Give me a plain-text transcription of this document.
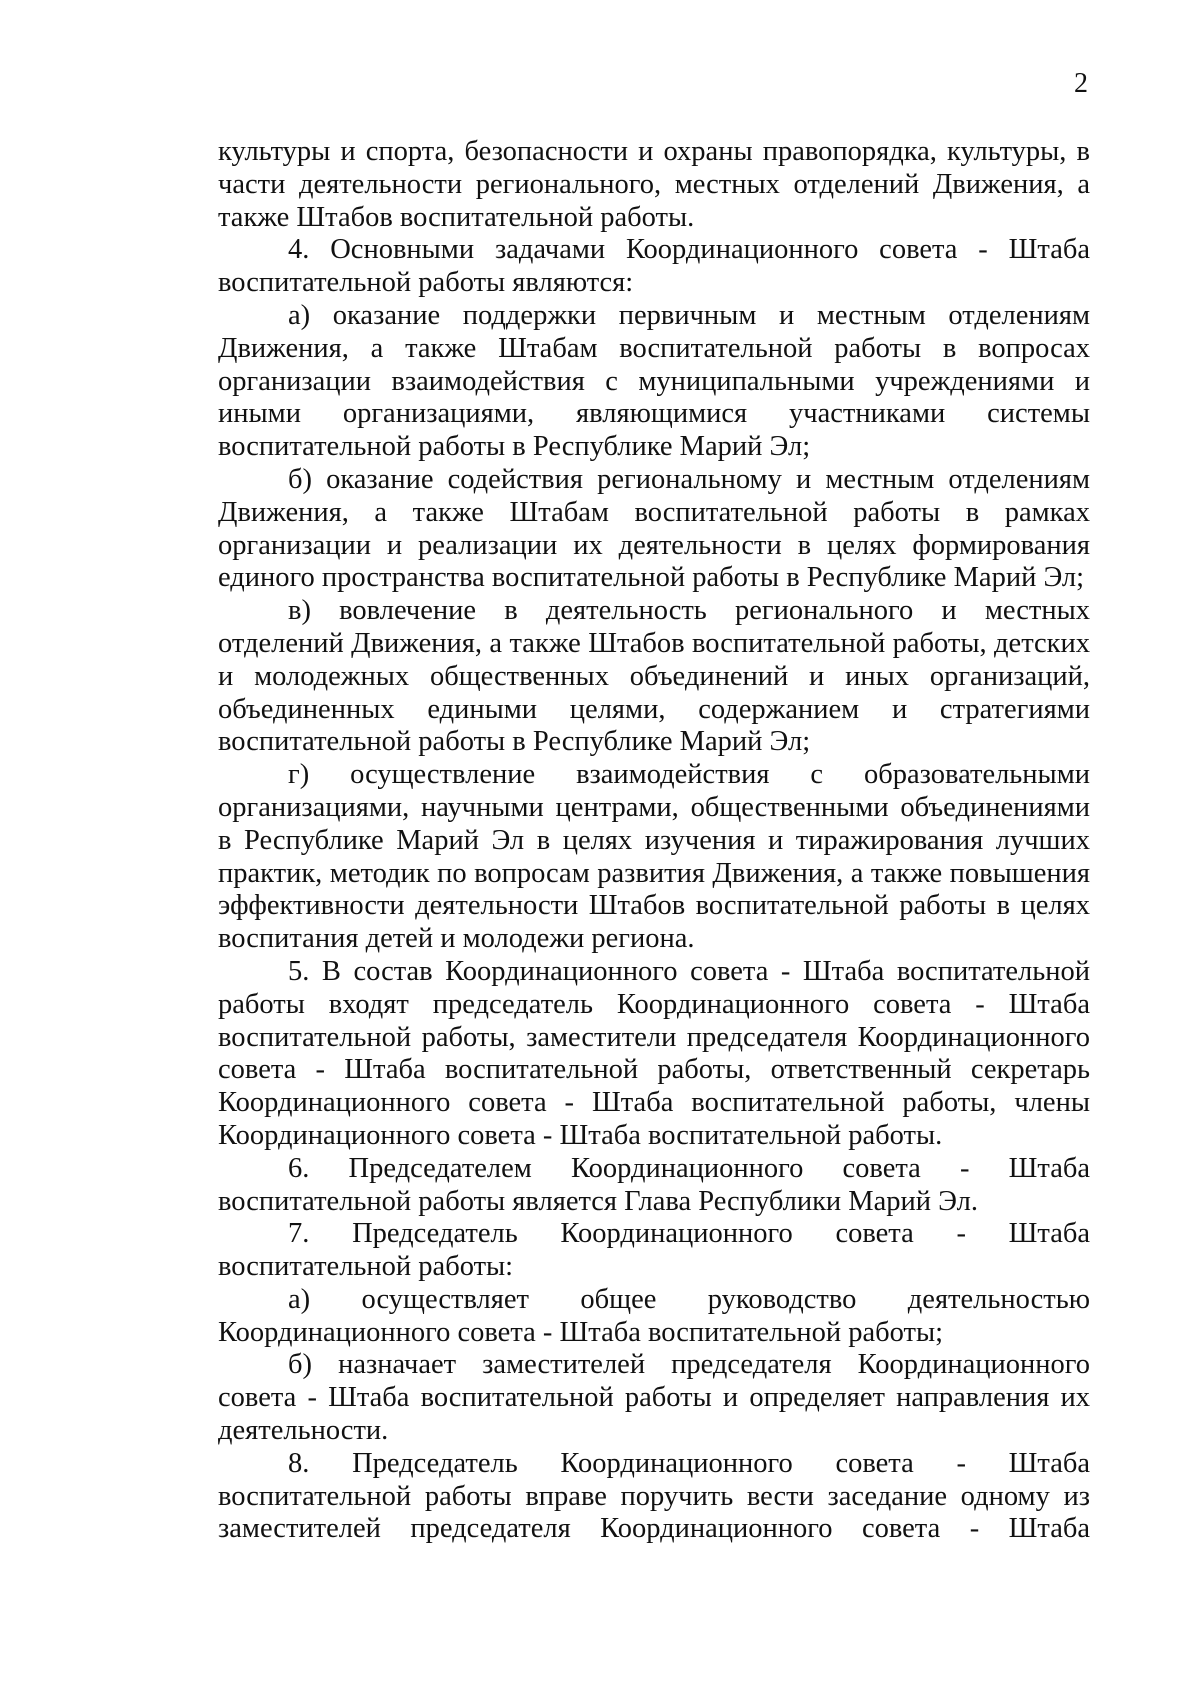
2

культуры и спорта, безопасности и охраны правопорядка, культуры, в части деятельности регионального, местных отделений Движения, а также Штабов воспитательной работы.

4. Основными задачами Координационного совета - Штаба воспитательной работы являются:

а) оказание поддержки первичным и местным отделениям Движения, а также Штабам воспитательной работы в вопросах организации взаимодействия с муниципальными учреждениями и иными организациями, являющимися участниками системы воспитательной работы в Республике Марий Эл;

б) оказание содействия региональному и местным отделениям Движения, а также Штабам воспитательной работы в рамках организации и реализации их деятельности в целях формирования единого пространства воспитательной работы в Республике Марий Эл;

в) вовлечение в деятельность регионального и местных отделений Движения, а также Штабов воспитательной работы, детских и молодежных общественных объединений и иных организаций, объединенных едиными целями, содержанием и стратегиями воспитательной работы в Республике Марий Эл;

г) осуществление взаимодействия с образовательными организациями, научными центрами, общественными объединениями в Республике Марий Эл в целях изучения и тиражирования лучших практик, методик по вопросам развития Движения, а также повышения эффективности деятельности Штабов воспитательной работы в целях воспитания детей и молодежи региона.

5. В состав Координационного совета - Штаба воспитательной работы входят председатель Координационного совета - Штаба воспитательной работы, заместители председателя Координационного совета - Штаба воспитательной работы, ответственный секретарь Координационного совета - Штаба воспитательной работы, члены Координационного совета - Штаба воспитательной работы.

6. Председателем Координационного совета - Штаба воспитательной работы является Глава Республики Марий Эл.

7. Председатель Координационного совета - Штаба воспитательной работы:

а) осуществляет общее руководство деятельностью Координационного совета - Штаба воспитательной работы;

б) назначает заместителей председателя Координационного совета - Штаба воспитательной работы и определяет направления их деятельности.

8. Председатель Координационного совета - Штаба воспитательной работы вправе поручить вести заседание одному из заместителей председателя Координационного совета - Штаба
